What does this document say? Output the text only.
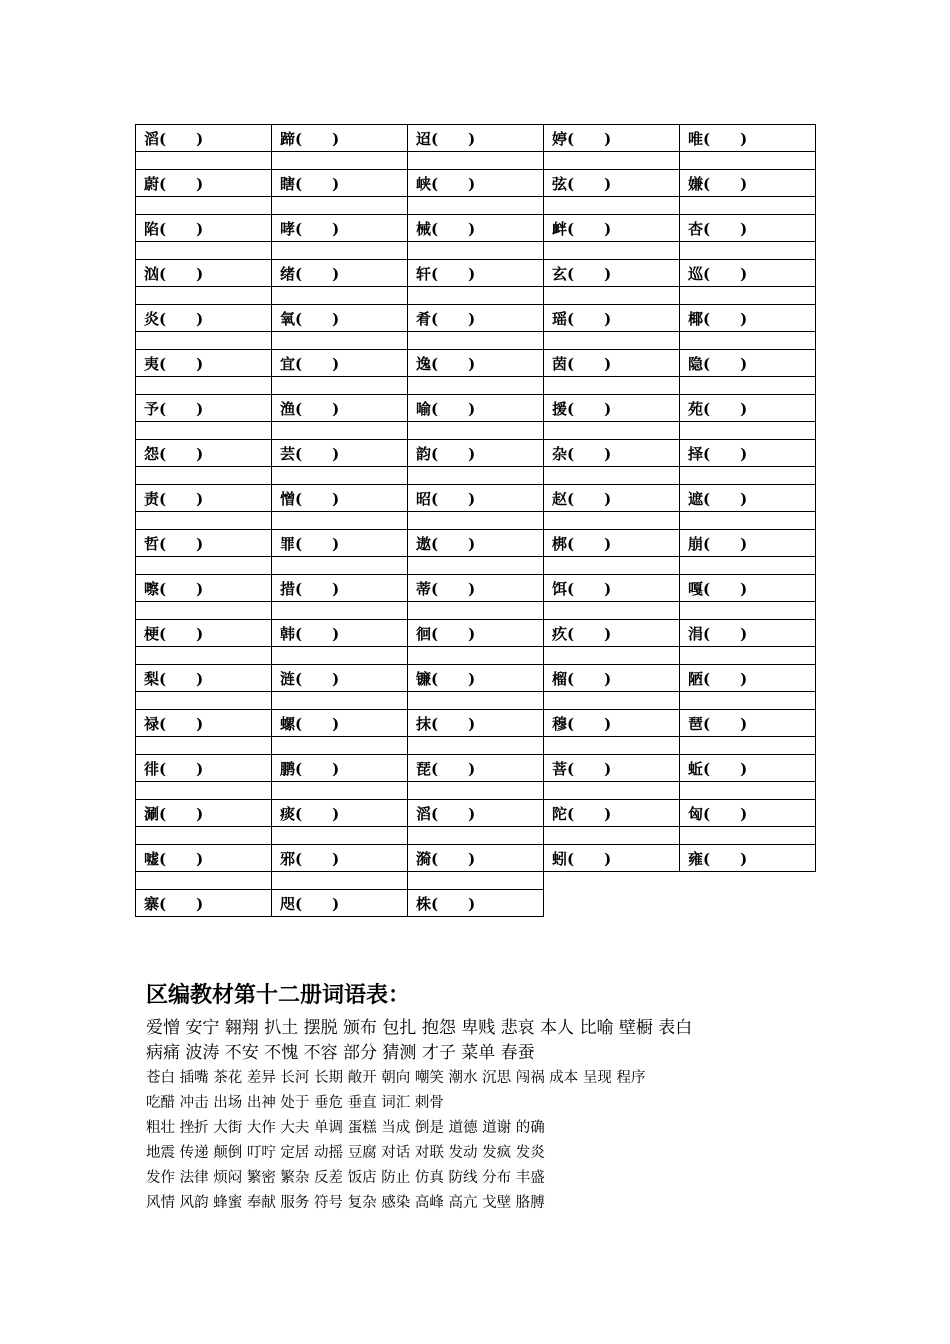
滔(　　)	蹄(　　)	迢(　　)	婷(　　)	唯(　　)

蔚(　　)	瞎(　　)	峡(　　)	弦(　　)	嫌(　　)

陷(　　)	哮(　　)	械(　　)	衅(　　)	杏(　　)

汹(　　)	绪(　　)	轩(　　)	玄(　　)	巡(　　)

炎(　　)	氧(　　)	肴(　　)	瑶(　　)	椰(　　)

夷(　　)	宜(　　)	逸(　　)	茵(　　)	隐(　　)

予(　　)	渔(　　)	喻(　　)	援(　　)	苑(　　)

怨(　　)	芸(　　)	韵(　　)	杂(　　)	择(　　)

责(　　)	憎(　　)	昭(　　)	赵(　　)	遮(　　)

哲(　　)	罪(　　)	遨(　　)	梆(　　)	崩(　　)

嚓(　　)	措(　　)	蒂(　　)	饵(　　)	嘎(　　)

梗(　　)	韩(　　)	徊(　　)	疚(　　)	涓(　　)

梨(　　)	涟(　　)	镰(　　)	榴(　　)	陋(　　)

禄(　　)	螺(　　)	抹(　　)	穆(　　)	琶(　　)

徘(　　)	鹏(　　)	琵(　　)	菩(　　)	蚯(　　)

涮(　　)	痰(　　)	滔(　　)	陀(　　)	匈(　　)

嘘(　　)	邪(　　)	漪(　　)	蚓(　　)	雍(　　)

寨(　　)	咫(　　)	株(　　)		
区编教材第十二册词语表：
爱憎 安宁 翱翔 扒土 摆脱 颁布 包扎 抱怨 卑贱 悲哀 本人 比喻 壁橱 表白
病痛 波涛 不安 不愧 不容 部分 猜测 才子 菜单 春蚕
苍白 插嘴 茶花 差异 长河 长期 敞开 朝向 嘲笑 潮水 沉思 闯祸 成本 呈现 程序
吃醋 冲击 出场 出神 处于 垂危 垂直 词汇 刺骨
粗壮 挫折 大街 大作 大夫 单调 蛋糕 当成 倒是 道德 道谢 的确
地震 传递 颠倒 叮咛 定居 动摇 豆腐 对话 对联 发动 发疯 发炎
发作 法律 烦闷 繁密 繁杂 反差 饭店 防止 仿真 防线 分布 丰盛
风情 风韵 蜂蜜 奉献 服务 符号 复杂 感染 高峰 高亢 戈壁 胳膊
